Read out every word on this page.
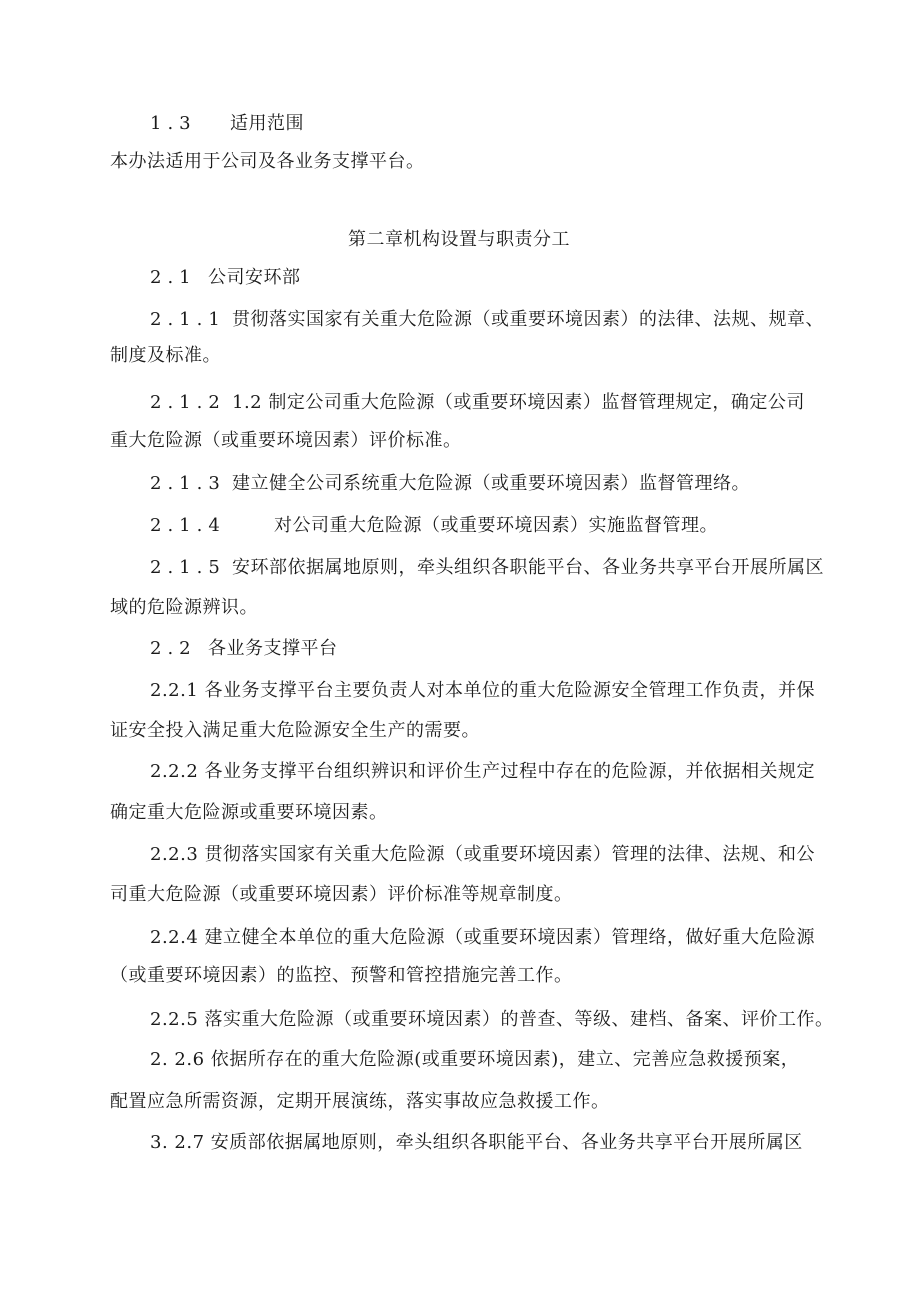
1.3 适用范围
本办法适用于公司及各业务支撑平台。
第二章机构设置与职责分工
2.1 公司安环部
2.1.1 贯彻落实国家有关重大危险源（或重要环境因素）的法律、法规、规章、
制度及标准。
2.1.2 1.2 制定公司重大危险源（或重要环境因素）监督管理规定，确定公司
重大危险源（或重要环境因素）评价标准。
2.1.3 建立健全公司系统重大危险源（或重要环境因素）监督管理络。
2.1.4	对公司重大危险源（或重要环境因素）实施监督管理。
2.1.5 安环部依据属地原则，牵头组织各职能平台、各业务共享平台开展所属区
域的危险源辨识。
2.2 各业务支撑平台
2.2.1 各业务支撑平台主要负责人对本单位的重大危险源安全管理工作负责，并保
证安全投入满足重大危险源安全生产的需要。
2.2.2 各业务支撑平台组织辨识和评价生产过程中存在的危险源，并依据相关规定
确定重大危险源或重要环境因素。
2.2.3 贯彻落实国家有关重大危险源（或重要环境因素）管理的法律、法规、和公
司重大危险源（或重要环境因素）评价标准等规章制度。
2.2.4 建立健全本单位的重大危险源（或重要环境因素）管理络，做好重大危险源
（或重要环境因素）的监控、预警和管控措施完善工作。
2.2.5 落实重大危险源（或重要环境因素）的普查、等级、建档、备案、评价工作。
2. 2.6 依据所存在的重大危险源(或重要环境因素)，建立、完善应急救援预案，
配置应急所需资源，定期开展演练，落实事故应急救援工作。
3. 2.7 安质部依据属地原则，牵头组织各职能平台、各业务共享平台开展所属区
